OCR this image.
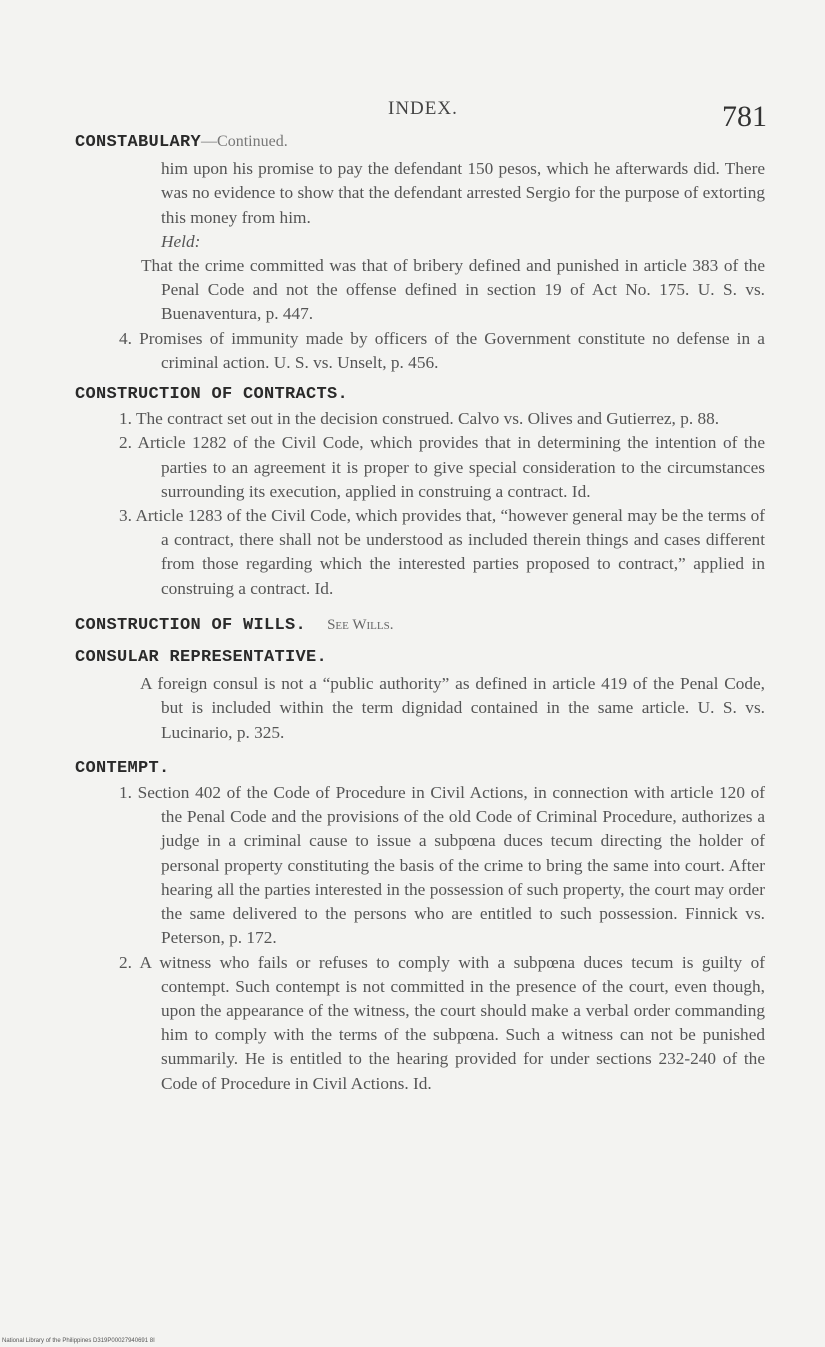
INDEX.	781
CONSTABULARY—Continued.

him upon his promise to pay the defendant 150 pesos, which he afterwards did. There was no evidence to show that the defendant arrested Sergio for the purpose of extorting this money from him.
Held:

That the crime committed was that of bribery defined and punished in article 383 of the Penal Code and not the offense defined in section 19 of Act No. 175. U. S. vs. Buenaventura, p. 447.

4. Promises of immunity made by officers of the Government constitute no defense in a criminal action. U. S. vs. Unselt, p. 456.

CONSTRUCTION OF CONTRACTS.

1. The contract set out in the decision construed. Calvo vs. Olives and Gutierrez, p. 88.

2. Article 1282 of the Civil Code, which provides that in determining the intention of the parties to an agreement it is proper to give special consideration to the circumstances surrounding its execution, applied in construing a contract. Id.

3. Article 1283 of the Civil Code, which provides that, “however general may be the terms of a contract, there shall not be understood as included therein things and cases different from those regarding which the interested parties proposed to contract,” applied in construing a contract. Id.

CONSTRUCTION OF WILLS. See Wills.
CONSULAR REPRESENTATIVE.

A foreign consul is not a “public authority” as defined in article 419 of the Penal Code, but is included within the term dignidad contained in the same article. U. S. vs. Lucinario, p. 325.

CONTEMPT.

1. Section 402 of the Code of Procedure in Civil Actions, in connection with article 120 of the Penal Code and the provisions of the old Code of Criminal Procedure, authorizes a judge in a criminal cause to issue a subpœna duces tecum directing the holder of personal property constituting the basis of the crime to bring the same into court. After hearing all the parties interested in the possession of such property, the court may order the same delivered to the persons who are entitled to such possession. Finnick vs. Peterson, p. 172.

2. A witness who fails or refuses to comply with a subpœna duces tecum is guilty of contempt. Such contempt is not committed in the presence of the court, even though, upon the appearance of the witness, the court should make a verbal order commanding him to comply with the terms of the subpœna. Such a witness can not be punished summarily. He is entitled to the hearing provided for under sections 232-240 of the Code of Procedure in Civil Actions. Id.

National Library of the Philippines D319P00027940691 8I
